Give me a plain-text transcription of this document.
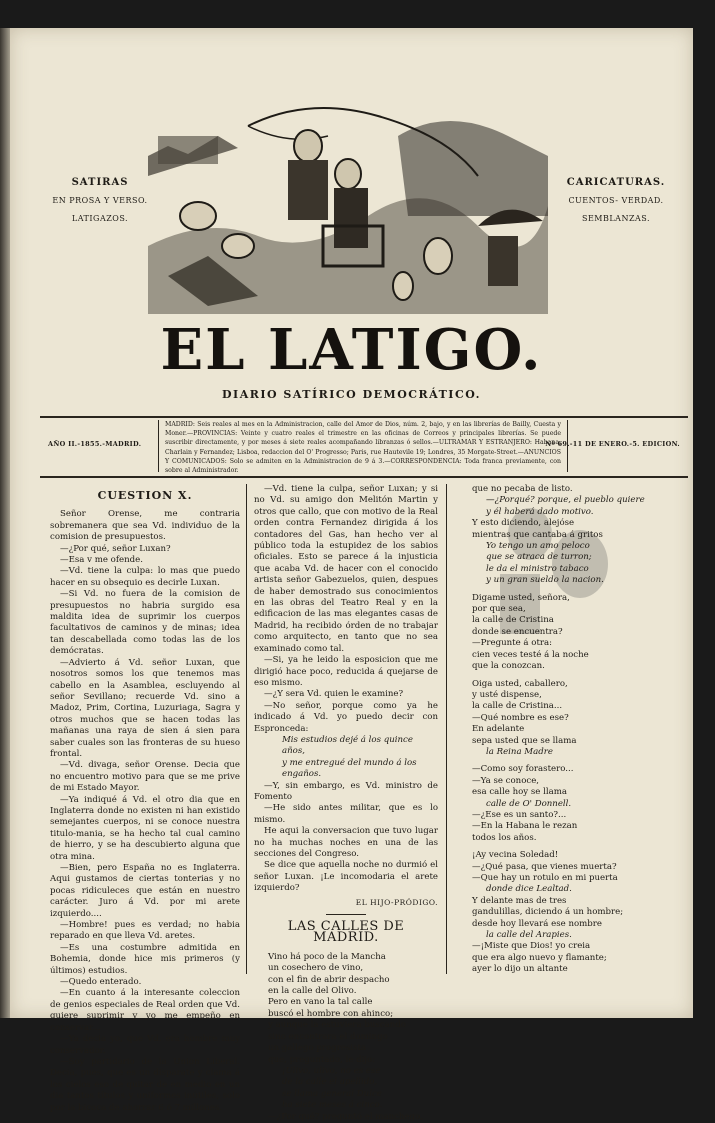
SATIRAS
EN PROSA Y VERSO.
LATIGAZOS.
CARICATURAS.
CUENTOS- VERDAD.
SEMBLANZAS.
EL LATIGO.
DIARIO SATÍRICO DEMOCRÁTICO.
AÑO II.-1855.-MADRID.
MADRID: Seis reales al mes en la Administracion, calle del Amor de Dios, núm. 2, bajo, y en las librerías de Bailly, Cuesta y Moner.—PROVINCIAS: Veinte y cuatro reales el trimestre en las oficinas de Correos y principales librerías. Se puede suscribir directamente, y por meses á siete reales acompañando libranzas ó sellos.—ULTRAMAR Y ESTRANJERO: Habana, Charlain y Fernandez; Lisboa, redaccion del O' Progresso; Paris, rue Hautevile 19; Londres, 35 Morgate-Street.—ANUNCIOS Y COMUNICADOS: Solo se admiten en la Administracion de 9 á 3.—CORRESPONDENCIA: Toda franca previamente, con sobre al Administrador.
Nº 69.-11 DE ENERO.-5. EDICION.
CUESTION X.

Señor Orense, me contraria sobremanera que sea Vd. individuo de la comision de presupuestos.

—¿Por qué, señor Luxan?

—Esa v me ofende.

—Vd. tiene la culpa: lo mas que puedo hacer en su obsequio es decirle Luxan.

—Si Vd. no fuera de la comision de presupuestos no habria surgido esa maldita idea de suprimir los cuerpos facultativos de caminos y de minas; idea tan descabellada como todas las de los demócratas.

—Advierto á Vd. señor Luxan, que nosotros somos los que tenemos mas cabello en la Asamblea, escluyendo al señor Sevillano; recuerde Vd. sino a Madoz, Prim, Cortina, Luzuriaga, Sagra y otros muchos que se hacen todas las mañanas una raya de sien á sien para saber cuales son las fronteras de su hueso frontal.

—Vd. divaga, señor Orense. Decia que no encuentro motivo para que se me prive de mi Estado Mayor.

—Ya indiqué á Vd. el otro dia que en Inglaterra donde no existen ni han existido semejantes cuerpos, ni se conoce nuestra titulo-mania, se ha hecho tal cual camino de hierro, y se ha descubierto alguna que otra mina.

—Bien, pero España no es Inglaterra. Aqui gustamos de ciertas tonterias y no pocas ridiculeces que están en nuestro carácter. Juro á Vd. por mi arete izquierdo....

—Hombre! pues es verdad; no habia reparado en que lleva Vd. aretes.

—Es una costumbre admitida en Bohemia, donde hice mis primeros (y últimos) estudios.

—Quedo enterado.

—En cuanto á la interesante coleccion de genios especiales de Real orden que Vd. quiere suprimir y yo me empeño en conservar...

—Ya decia yo, que Vd. era hombre muy conservador.

—Soy partidario de la Union Liberal. Decia, pues, que es un disparate y clama á los cielos eso de quitar de en medio en un dia tantos títulos y uniformes inútiles, solo por la bicoca de ahorrar 6 ó 7 millones.

—Vd. tiene la culpa, señor Luxan; y si no Vd. su amigo don Melitón Martin y otros que callo, que con motivo de la Real orden contra Fernandez dirigida á los contadores del Gas, han hecho ver al público toda la estupidez de los sabios oficiales. Esto se parece á la injusticia que acaba Vd. de hacer con el conocido artista señor Gabezuelos, quien, despues de haber demostrado sus conocimientos en las obras del Teatro Real y en la edificacion de las mas elegantes casas de Madrid, ha recibido órden de no trabajar como arquitecto, en tanto que no sea examinado como tal.

—Si, ya he leido la esposicion que me dirigió hace poco, reducida á quejarse de eso mismo.

—¿Y sera Vd. quien le examine?

—No señor, porque como ya he indicado á Vd. yo puedo decir con Espronceda:

Mis estudios dejé á los quince años,

y me entregué del mundo á los engaños.

—Y, sin embargo, es Vd. ministro de Fomento

—He sido antes militar, que es lo mismo.

He aqui la conversacion que tuvo lugar no ha muchas noches en una de las secciones del Congreso.

Se dice que aquella noche no durmió el señor Luxan. ¡Le incomodaria el arete izquierdo?

EL HIJO-PRÓDIGO.
LAS CALLES DE MADRID.

Vino há poco de la Mancha

un cosechero de vino,

con el fin de abrir despacho

en la calle del Olivo.

Pero en vano la tal calle

buscó el hombre con ahinco;

y aunque la estuviera buscando

sino encontrara el domingo

un gallego progresista

que, preguntado, le dijo:

¡Ulivo, ulivo, no es ese

de la calle el apellido,

se llama general Dulce

ha siete meses á cinco.

—¿Por qué? preguntó el manchego,

que no pecaba de listo.

—¿Porqué? porque, el pueblo quiere

y él haberá dado motivo.

Y esto diciendo, alejóse

mientras que cantaba á gritos

Yo tengo un amo peloco

que se atraca de turron;

le da el ministro tabaco

y un gran sueldo la nacion.

Digame usted, señora,

por que sea,

la calle de Cristina

donde se encuentra?

—Pregunte á otra:

cien veces testé á la noche

que la conozcan.

Oiga usted, caballero,

y usté dispense,

la calle de Cristina...

—Qué nombre es ese?

En adelante

sepa usted que se llama

la Reina Madre

—Como soy forastero...

—Ya se conoce,

esa calle hoy se llama

calle de O' Donnell.

—¿Ese es un santo?...

—En la Habana le rezan

todos los años.

¡Ay vecina Soledad!

—¿Qué pasa, que vienes muerta?

—Que hay un rotulo en mi puerta

donde dice Lealtad.

Y delante mas de tres

gandulillas, diciendo á un hombre;

desde hoy llevará ese nombre

la calle del Arapies.

—¡Miste que Dios! yo creia

que era algo nuevo y flamante;

ayer lo dijo un altante
